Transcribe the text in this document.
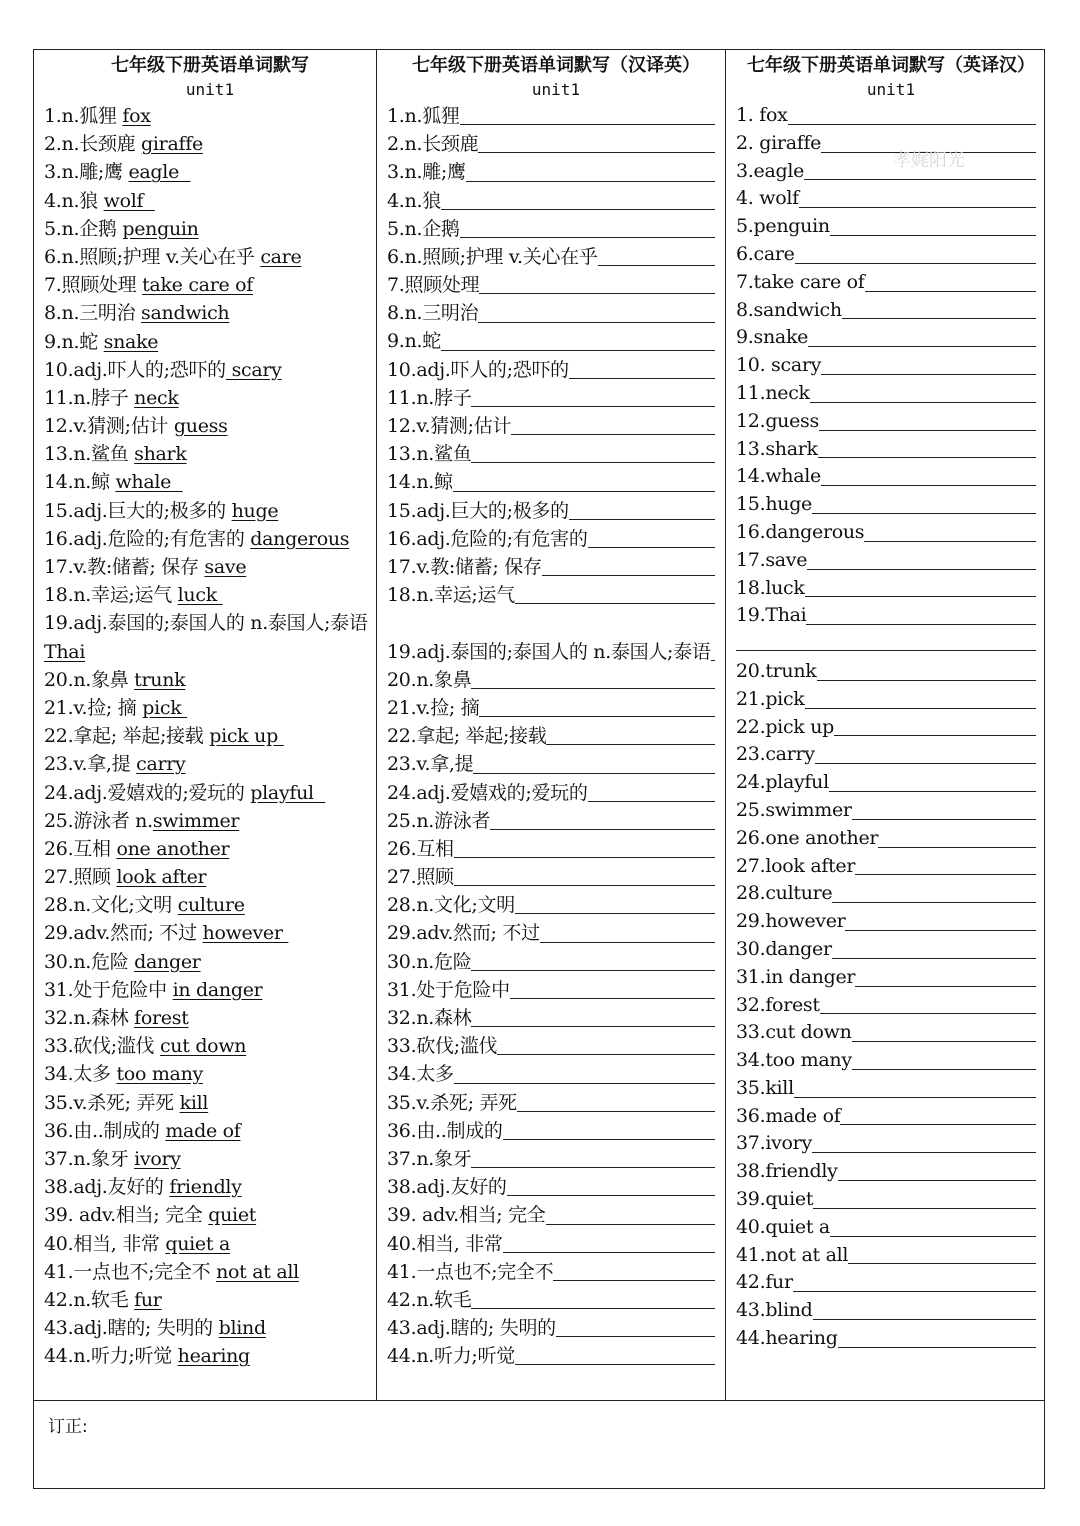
七年级下册英语单词默写
unit1
1.n.狐狸 fox
2.n.长颈鹿 giraffe
3.n.雕;鹰 eagle
4.n.狼 wolf
5.n.企鹅 penguin
6.n.照顾;护理 v.关心在乎 care
7.照顾处理 take care of
8.n.三明治 sandwich
9.n.蛇 snake
10.adj.吓人的;恐吓的 scary
11.n.脖子 neck
12.v.猜测;估计 guess
13.n.鲨鱼 shark
14.n.鲸 whale
15.adj.巨大的;极多的 huge
16.adj.危险的;有危害的 dangerous
17.v.教:储蓄; 保存 save
18.n.幸运;运气 luck
19.adj.泰国的;泰国人的 n.泰国人;泰语 Thai
20.n.象鼻 trunk
21.v.捡; 摘 pick
22.拿起; 举起;接载 pick up
23.v.拿,提 carry
24.adj.爱嬉戏的;爱玩的 playful
25.游泳者 n.swimmer
26.互相 one another
27.照顾 look after
28.n.文化;文明 culture
29.adv.然而; 不过 however
30.n.危险 danger
31.处于危险中 in danger
32.n.森林 forest
33.砍伐;滥伐 cut down
34.太多 too many
35.v.杀死; 弄死 kill
36.由..制成的 made of
37.n.象牙 ivory
38.adj.友好的 friendly
39. adv.相当; 完全 quiet
40.相当, 非常 quiet a
41.一点也不;完全不 not at all
42.n.软毛 fur
43.adj.瞎的; 失明的 blind
44.n.听力;听觉 hearing
七年级下册英语单词默写（汉译英）
unit1
1.n.狐狸
2.n.长颈鹿
3.n.雕;鹰
4.n.狼
5.n.企鹅
6.n.照顾;护理 v.关心在乎
7.照顾处理
8.n.三明治
9.n.蛇
10.adj.吓人的;恐吓的
11.n.脖子
12.v.猜测;估计
13.n.鲨鱼
14.n.鲸
15.adj.巨大的;极多的
16.adj.危险的;有危害的
17.v.教:储蓄; 保存
18.n.幸运;运气
19.adj.泰国的;泰国人的 n.泰国人;泰语
20.n.象鼻
21.v.捡; 摘
22.拿起; 举起;接载
23.v.拿,提
24.adj.爱嬉戏的;爱玩的
25.n.游泳者
26.互相
27.照顾
28.n.文化;文明
29.adv.然而; 不过
30.n.危险
31.处于危险中
32.n.森林
33.砍伐;滥伐
34.太多
35.v.杀死; 弄死
36.由..制成的
37.n.象牙
38.adj.友好的
39. adv.相当; 完全
40.相当, 非常
41.一点也不;完全不
42.n.软毛
43.adj.瞎的; 失明的
44.n.听力;听觉
七年级下册英语单词默写（英译汉）
unit1
1. fox
2. giraffe
3.eagle
4. wolf
5.penguin
6.care
7.take care of
8.sandwich
9.snake
10. scary
11.neck
12.guess
13.shark
14.whale
15.huge
16.dangerous
17.save
18.luck
19.Thai
20.trunk
21.pick
22.pick up
23.carry
24.playful
25.swimmer
26.one another
27.look after
28.culture
29.however
30.danger
31.in danger
32.forest
33.cut down
34.too many
35.kill
36.made of
37.ivory
38.friendly
39.quiet
40.quiet a
41.not at all
42.fur
43.blind
44.hearing
订正:
孝娓阳光
